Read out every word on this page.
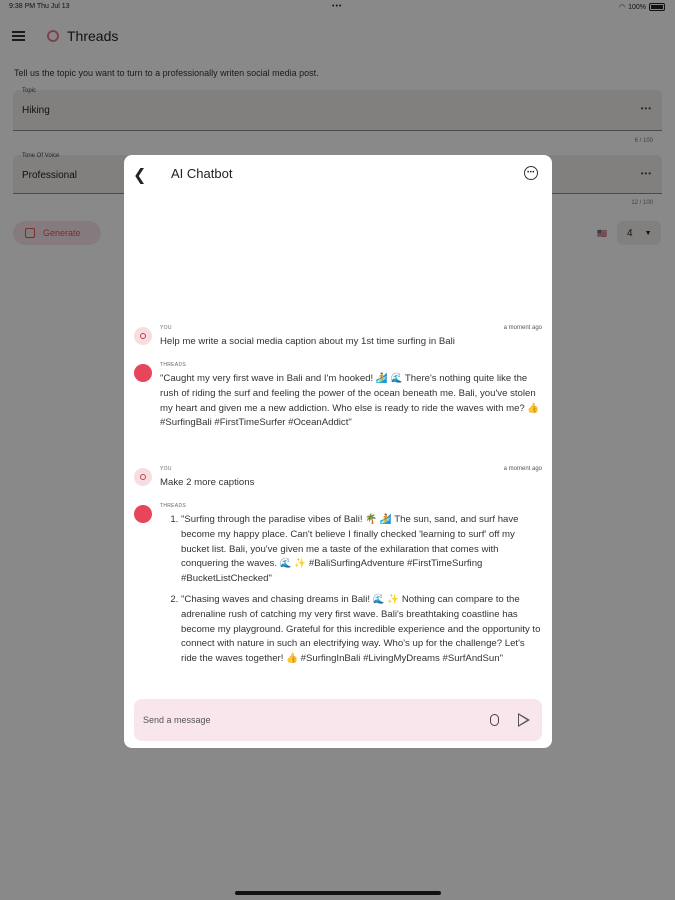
9:38 PM Thu Jul 13	•••	◠ 100%
Threads
Tell us the topic you want to turn to a professionally writen social media post.
Topic
Hiking	•••
6 / 100
Tone Of Voice
Professional	•••
12 / 100
Generate	🇺🇸 4 ▼
❮ AI Chatbot	•••
YOU	a moment ago
Help me write a social media caption about my 1st time surfing in Bali
THREADS
"Caught my very first wave in Bali and I'm hooked! 🏄 🌊 There's nothing quite like the rush of riding the surf and feeling the power of the ocean beneath me. Bali, you've stolen my heart and given me a new addiction. Who else is ready to ride the waves with me? 👍 #SurfingBali #FirstTimeSurfer #OceanAddict"
YOU	a moment ago
Make 2 more captions
THREADS
1. "Surfing through the paradise vibes of Bali! 🌴 🏄 The sun, sand, and surf have become my happy place. Can't believe I finally checked 'learning to surf' off my bucket list. Bali, you've given me a taste of the exhilaration that comes with conquering the waves. 🌊 ✨ #BaliSurfingAdventure #FirstTimeSurfing #BucketListChecked"
2. "Chasing waves and chasing dreams in Bali! 🌊 ✨ Nothing can compare to the adrenaline rush of catching my very first wave. Bali's breathtaking coastline has become my playground. Grateful for this incredible experience and the opportunity to connect with nature in such an electrifying way. Who's up for the challenge? Let's ride the waves together! 👍 #SurfingInBali #LivingMyDreams #SurfAndSun"
Send a message
